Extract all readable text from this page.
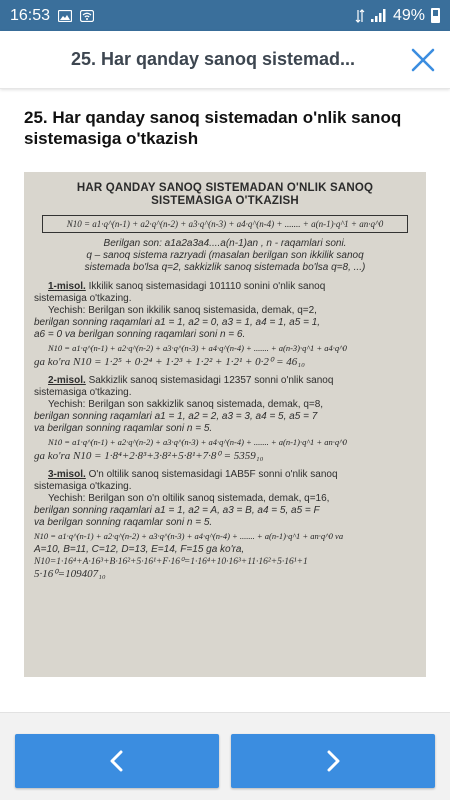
16:53	49%
25. Har qanday sanoq sistemad...
25. Har qanday sanoq sistemadan o'nlik sanoq sistemasiga o'tkazish
HAR QANDAY SANOQ SISTEMADAN O'NLIK SANOQ
SISTEMASIGA O'TKAZISH
N10 = a1·q^(n-1) + a2·q^(n-2) + a3·q^(n-3) + a4·q^(n-4) + ....... + a(n-1)·q^1 + an·q^0
Berilgan son: a1a2a3a4....a(n-1)an , n - raqamlari soni.
q – sanoq sistema razryadi (masalan berilgan son ikkilik sanoq
sistemada bo'lsa q=2, sakkizlik sanoq sistemada bo'lsa q=8, ...)
1-misol. Ikkilik sanoq sistemasidagi 101110 sonini o'nlik sanoq
sistemasiga o'tkazing.
Yechish: Berilgan son ikkilik sanoq sistemasida, demak, q=2,
berilgan sonning raqamlari a1 = 1, a2 = 0, a3 = 1, a4 = 1, a5 = 1,
a6 = 0 va berilgan sonning raqamlari soni n = 6.
N10 = a1·q^(n-1) + a2·q^(n-2) + a3·q^(n-3) + a4·q^(n-4) + ....... + a(n-3)·q^1 + a4·q^0
ga ko'ra N10 = 1·2⁵ + 0·2⁴ + 1·2³ + 1·2² + 1·2¹ + 0·2⁰ = 46₁₀
2-misol. Sakkizlik sanoq sistemasidagi 12357 sonni o'nlik sanoq
sistemasiga o'tkazing.
Yechish: Berilgan son sakkizlik sanoq sistemada, demak, q=8,
berilgan sonning raqamlari a1 = 1, a2 = 2, a3 = 3, a4 = 5, a5 = 7
va berilgan sonning raqamlar soni n = 5.
N10 = a1·q^(n-1) + a2·q^(n-2) + a3·q^(n-3) + a4·q^(n-4) + ....... + a(n-1)·q^1 + an·q^0
ga ko'ra N10 = 1·8⁴+2·8³+3·8²+5·8¹+7·8⁰ = 5359₁₀
3-misol. O'n oltilik sanoq sistemasidagi 1AB5F sonni o'nlik sanoq
sistemasiga o'tkazing.
Yechish: Berilgan son o'n oltilik sanoq sistemada, demak, q=16,
berilgan sonning raqamlari a1 = 1, a2 = A, a3 = B, a4 = 5, a5 = F
va berilgan sonning raqamlar soni n = 5.
N10 = a1·q^(n-1) + a2·q^(n-2) + a3·q^(n-3) + a4·q^(n-4) + ....... + a(n-1)·q^1 + an·q^0 va
A=10, B=11, C=12, D=13, E=14, F=15 ga ko'ra,
N10=1·16⁴+A·16³+B·16²+5·16¹+F·16⁰=1·16⁴+10·16³+11·16²+5·16¹+1
5·16⁰=109407₁₀
